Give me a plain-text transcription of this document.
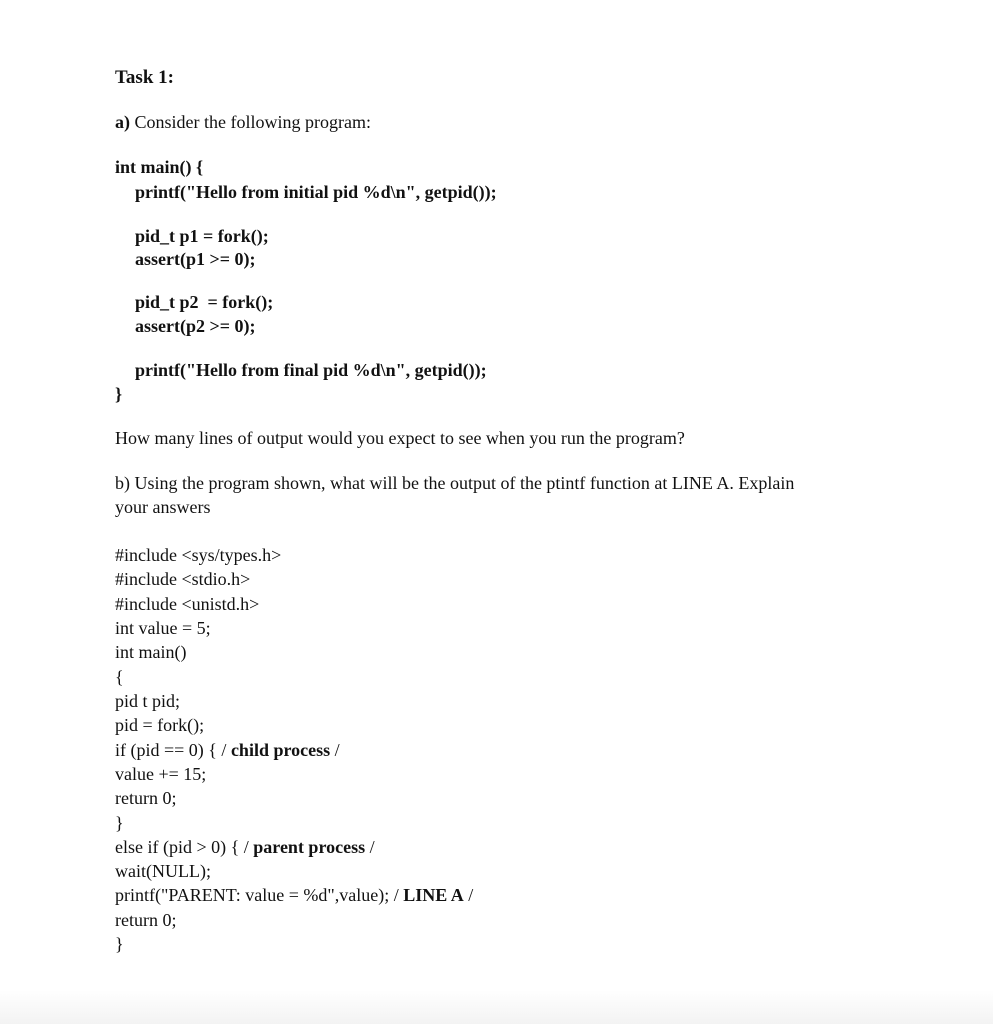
Task 1:
a) Consider the following program:
int main() {
printf("Hello from initial pid %d\n", getpid());
pid_t p1 = fork();
assert(p1 >= 0);
pid_t p2  = fork();
assert(p2 >= 0);
printf("Hello from final pid %d\n", getpid());
}
How many lines of output would you expect to see when you run the program?
b) Using the program shown, what will be the output of the ptintf function at LINE A. Explain
your answers
#include <sys/types.h>
#include <stdio.h>
#include <unistd.h>
int value = 5;
int main()
{
pid t pid;
pid = fork();
if (pid == 0) { / child process /
value += 15;
return 0;
}
else if (pid > 0) { / parent process /
wait(NULL);
printf("PARENT: value = %d",value); / LINE A /
return 0;
}
